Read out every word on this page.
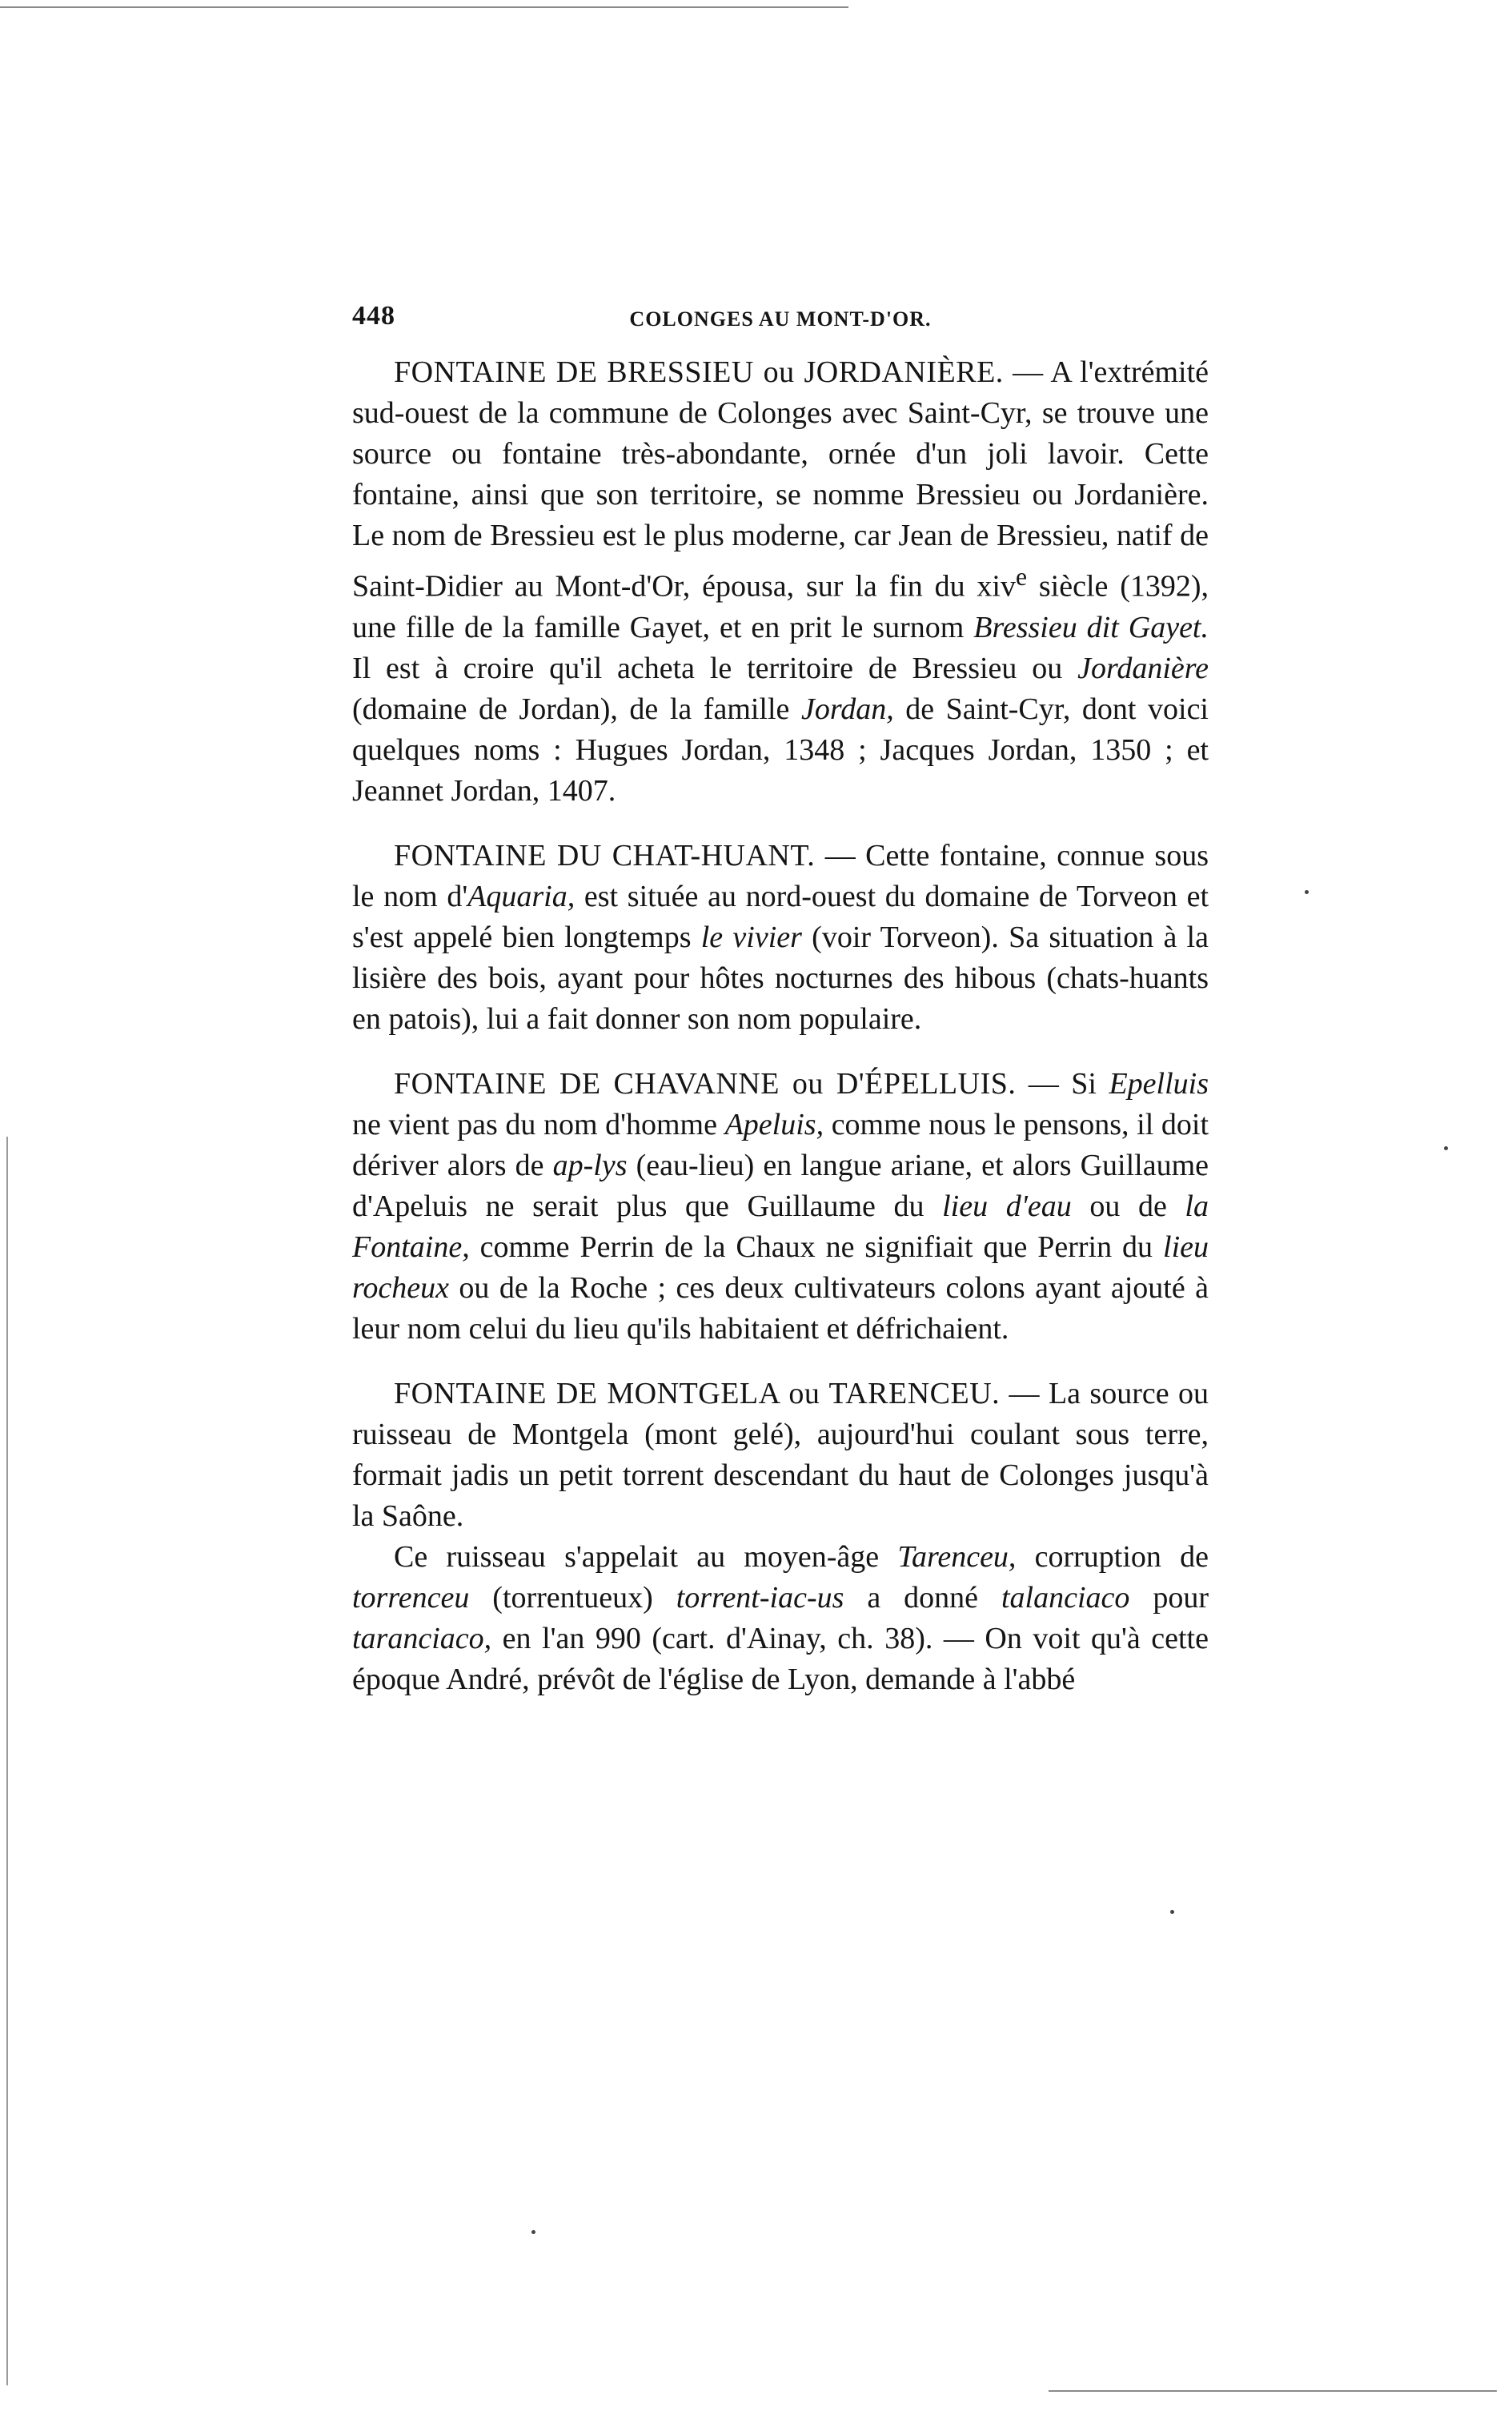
448	COLONGES AU MONT-D'OR.

FONTAINE DE BRESSIEU ou JORDANIÈRE. — A l'extrémité sud-ouest de la commune de Colonges avec Saint-Cyr, se trouve une source ou fontaine très-abondante, ornée d'un joli lavoir. Cette fontaine, ainsi que son territoire, se nomme Bressieu ou Jordanière. Le nom de Bressieu est le plus moderne, car Jean de Bressieu, natif de Saint-Didier au Mont-d'Or, épousa, sur la fin du xiv$^e$ siècle (1392), une fille de la famille Gayet, et en prit le surnom Bressieu dit Gayet. Il est à croire qu'il acheta le territoire de Bressieu ou Jordanière (domaine de Jordan), de la famille Jordan, de Saint-Cyr, dont voici quelques noms : Hugues Jordan, 1348 ; Jacques Jordan, 1350 ; et Jeannet Jordan, 1407.

FONTAINE DU CHAT-HUANT. — Cette fontaine, connue sous le nom d'Aquaria, est située au nord-ouest du domaine de Torveon et s'est appelé bien longtemps le vivier (voir Torveon). Sa situation à la lisière des bois, ayant pour hôtes nocturnes des hibous (chats-huants en patois), lui a fait donner son nom populaire.

FONTAINE DE CHAVANNE ou D'ÉPELLUIS. — Si Epelluis ne vient pas du nom d'homme Apeluis, comme nous le pensons, il doit dériver alors de ap-lys (eau-lieu) en langue ariane, et alors Guillaume d'Apeluis ne serait plus que Guillaume du lieu d'eau ou de la Fontaine, comme Perrin de la Chaux ne signifiait que Perrin du lieu rocheux ou de la Roche ; ces deux cultivateurs colons ayant ajouté à leur nom celui du lieu qu'ils habitaient et défrichaient.

FONTAINE DE MONTGELA ou TARENCEU. — La source ou ruisseau de Montgela (mont gelé), aujourd'hui coulant sous terre, formait jadis un petit torrent descendant du haut de Colonges jusqu'à la Saône.

Ce ruisseau s'appelait au moyen-âge Tarenceu, corruption de torrenceu (torrentueux) torrent-iac-us a donné talanciaco pour taranciaco, en l'an 990 (cart. d'Ainay, ch. 38). — On voit qu'à cette époque André, prévôt de l'église de Lyon, demande à l'abbé
